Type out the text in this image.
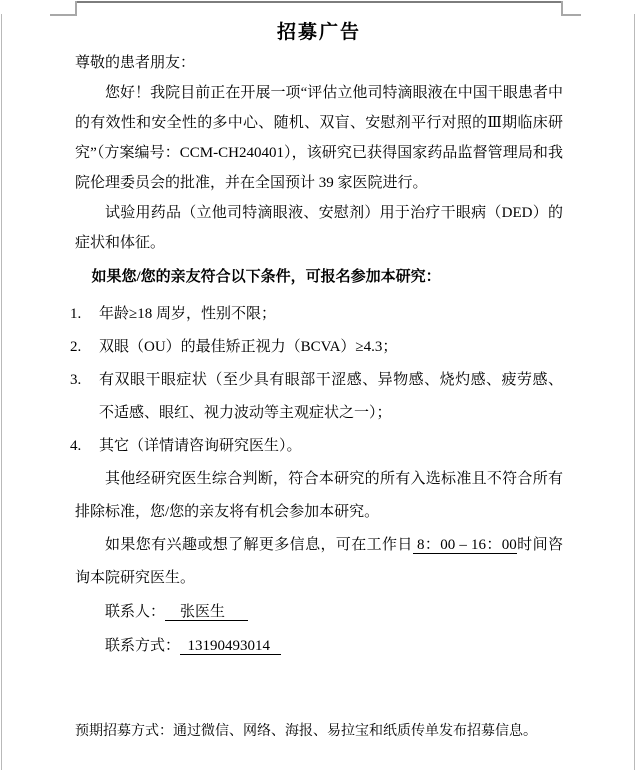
招募广告
尊敬的患者朋友：
您好！我院目前正在开展一项“评估立他司特滴眼液在中国干眼患者中的有效性和安全性的多中心、随机、双盲、安慰剂平行对照的Ⅲ期临床研究”（方案编号：CCM-CH240401），该研究已获得国家药品监督管理局和我院伦理委员会的批准，并在全国预计 39 家医院进行。
试验用药品（立他司特滴眼液、安慰剂）用于治疗干眼病（DED）的症状和体征。
如果您/您的亲友符合以下条件，可报名参加本研究：
1.	年龄≥18 周岁，性别不限；
2.	双眼（OU）的最佳矫正视力（BCVA）≥4.3；
3.	有双眼干眼症状（至少具有眼部干涩感、异物感、烧灼感、疲劳感、不适感、眼红、视力波动等主观症状之一）；
4.	其它（详情请咨询研究医生）。
其他经研究医生综合判断，符合本研究的所有入选标准且不符合所有排除标准，您/您的亲友将有机会参加本研究。
如果您有兴趣或想了解更多信息，可在工作日 8：00 – 16：00时间咨询本院研究医生。
联系人：    张医生
联系方式：  13190493014
预期招募方式：通过微信、网络、海报、易拉宝和纸质传单发布招募信息。
